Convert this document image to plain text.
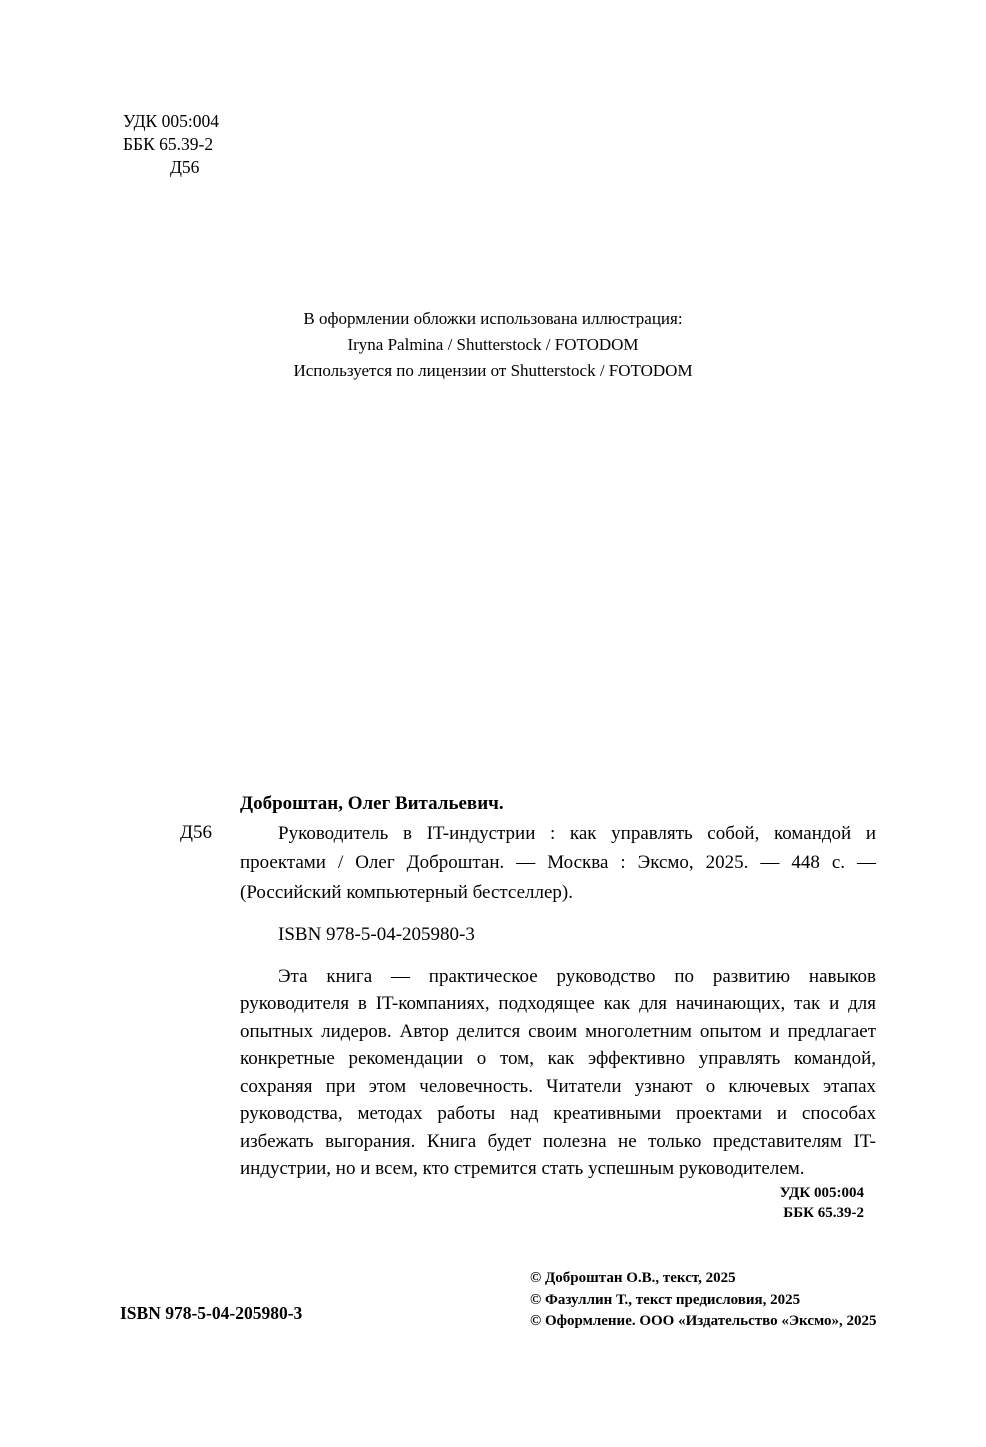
УДК 005:004
ББК 65.39-2
Д56
В оформлении обложки использована иллюстрация:
Iryna Palmina / Shutterstock / FOTODOM
Используется по лицензии от Shutterstock / FOTODOM
Д56
Доброштан, Олег Витальевич.
Руководитель в IT-индустрии : как управлять собой, командой и проектами / Олег Доброштан. — Москва : Эксмо, 2025. — 448 с. — (Российский компьютерный бестселлер).
ISBN 978-5-04-205980-3
Эта книга — практическое руководство по развитию навыков руководителя в IT-компаниях, подходящее как для начинающих, так и для опытных лидеров. Автор делится своим многолетним опытом и предлагает конкретные рекомендации о том, как эффективно управлять командой, сохраняя при этом человечность. Читатели узнают о ключевых этапах руководства, методах работы над креативными проектами и способах избежать выгорания. Книга будет полезна не только представителям IT-индустрии, но и всем, кто стремится стать успешным руководителем.
УДК 005:004
ББК 65.39-2
© Доброштан О.В., текст, 2025
© Фазуллин Т., текст предисловия, 2025
© Оформление. ООО «Издательство «Эксмо», 2025
ISBN 978-5-04-205980-3
